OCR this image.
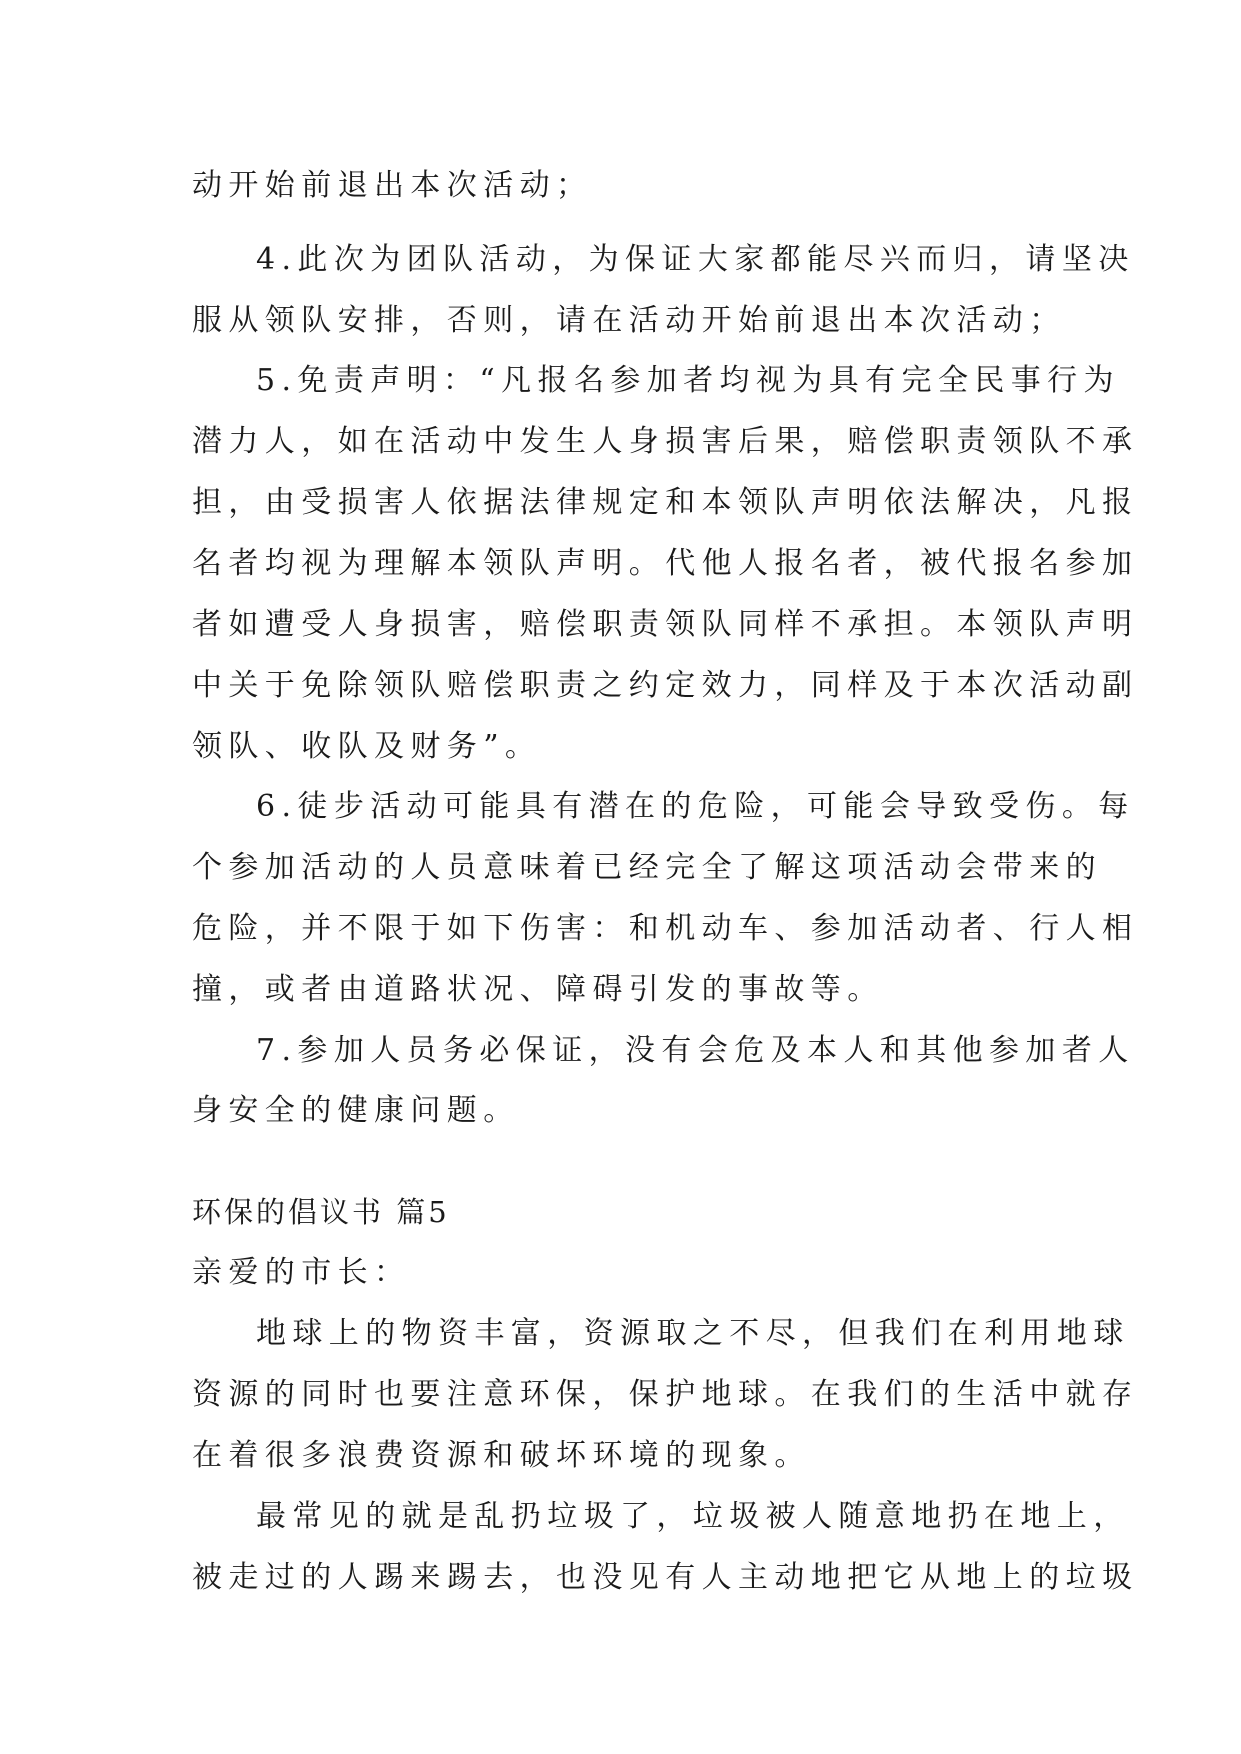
动开始前退出本次活动；
4.此次为团队活动，为保证大家都能尽兴而归，请坚决
服从领队安排，否则，请在活动开始前退出本次活动；
5.免责声明：“凡报名参加者均视为具有完全民事行为
潜力人，如在活动中发生人身损害后果，赔偿职责领队不承
担，由受损害人依据法律规定和本领队声明依法解决，凡报
名者均视为理解本领队声明。代他人报名者，被代报名参加
者如遭受人身损害，赔偿职责领队同样不承担。本领队声明
中关于免除领队赔偿职责之约定效力，同样及于本次活动副
领队、收队及财务”。
6.徒步活动可能具有潜在的危险，可能会导致受伤。每
个参加活动的人员意味着已经完全了解这项活动会带来的
危险，并不限于如下伤害：和机动车、参加活动者、行人相
撞，或者由道路状况、障碍引发的事故等。
7.参加人员务必保证，没有会危及本人和其他参加者人
身安全的健康问题。
环保的倡议书 篇5
亲爱的市长：
地球上的物资丰富，资源取之不尽，但我们在利用地球
资源的同时也要注意环保，保护地球。在我们的生活中就存
在着很多浪费资源和破坏环境的现象。
最常见的就是乱扔垃圾了，垃圾被人随意地扔在地上，
被走过的人踢来踢去，也没见有人主动地把它从地上的垃圾
